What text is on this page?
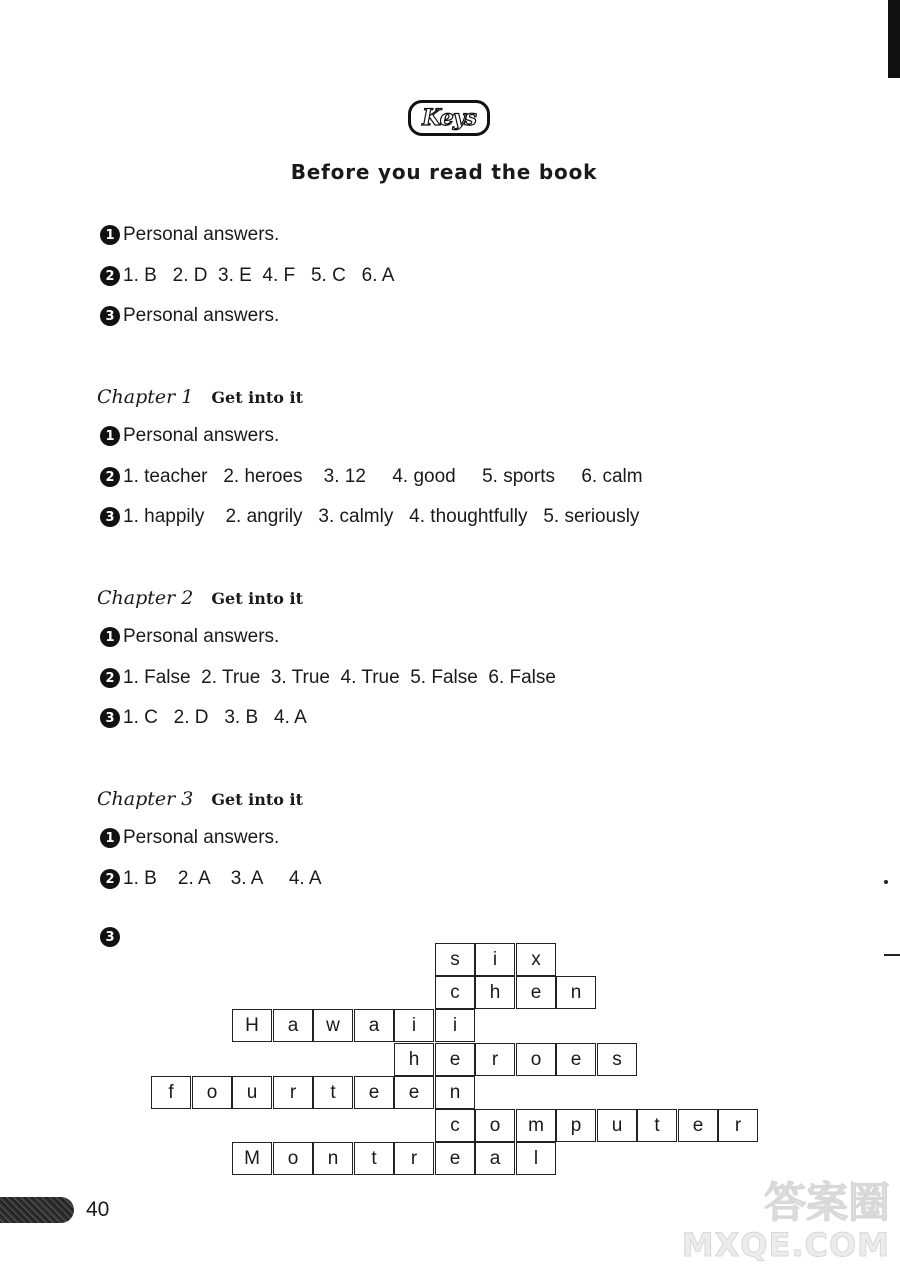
Keys
Before you read the book
1 Personal answers.
2 1. B   2. D  3. E  4. F   5. C   6. A
3 Personal answers.
Chapter 1 Get into it
1 Personal answers.
2 1. teacher   2. heroes    3. 12     4. good     5. sports     6. calm
3 1. happily    2. angrily   3. calmly   4. thoughtfully   5. seriously
Chapter 2 Get into it
1 Personal answers.
2 1. False  2. True  3. True  4. True  5. False  6. False
3 1. C   2. D   3. B   4. A
Chapter 3 Get into it
1 Personal answers.
2 1. B    2. A    3. A     4. A
3
s	i	x
c	h	e	n
H	a	w	a	i	i
h	e	r	o	e	s
f	o	u	r	t	e	e	n
c	o	m	p	u	t	e	r
M	o	n	t	r	e	a	l
40	答案圈
MXQE.COM
